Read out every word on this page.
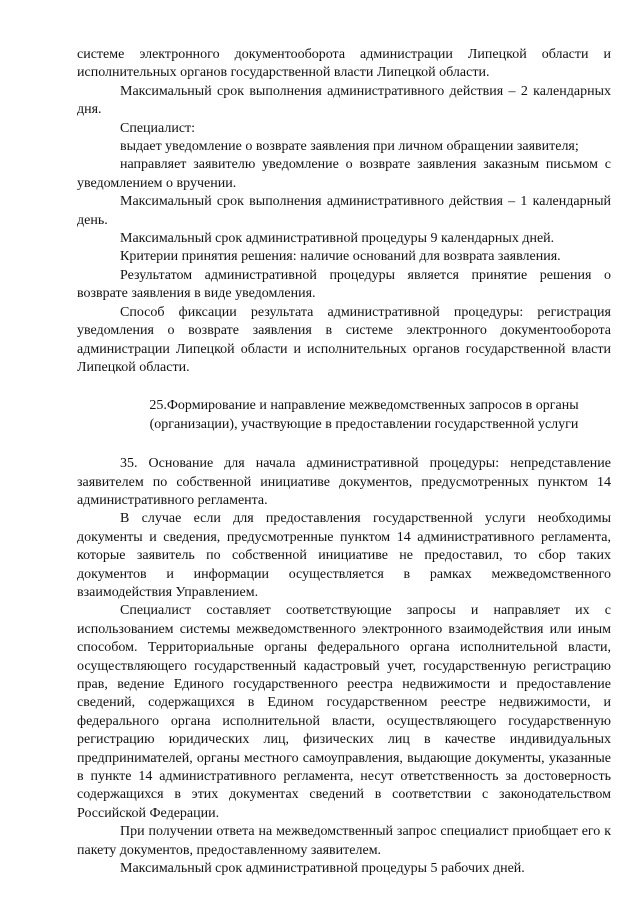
системе электронного документооборота администрации Липецкой области и исполнительных органов государственной власти Липецкой области.

Максимальный срок выполнения административного действия – 2 календарных дня.

Специалист:

выдает уведомление о возврате заявления при личном обращении заявителя;

направляет заявителю уведомление о возврате заявления заказным письмом с уведомлением о вручении.

Максимальный срок выполнения административного действия – 1 календарный день.

Максимальный срок административной процедуры 9 календарных дней.

Критерии принятия решения: наличие оснований для возврата заявления.

Результатом административной процедуры является принятие решения о возврате заявления в виде уведомления.

Способ фиксации результата административной процедуры: регистрация уведомления о возврате заявления в системе электронного документооборота администрации Липецкой области и исполнительных органов государственной власти Липецкой области.

25.Формирование и направление межведомственных запросов в органы (организации), участвующие в предоставлении государственной услуги

35. Основание для начала административной процедуры: непредставление заявителем по собственной инициативе документов, предусмотренных пунктом 14 административного регламента.

В случае если для предоставления государственной услуги необходимы документы и сведения, предусмотренные пунктом 14 административного регламента, которые заявитель по собственной инициативе не предоставил, то сбор таких документов и информации осуществляется в рамках межведомственного взаимодействия Управлением.

Специалист составляет соответствующие запросы и направляет их с использованием системы межведомственного электронного взаимодействия или иным способом. Территориальные органы федерального органа исполнительной власти, осуществляющего государственный кадастровый учет, государственную регистрацию прав, ведение Единого государственного реестра недвижимости и предоставление сведений, содержащихся в Едином государственном реестре недвижимости, и федерального органа исполнительной власти, осуществляющего государственную регистрацию юридических лиц, физических лиц в качестве индивидуальных предпринимателей, органы местного самоуправления, выдающие документы, указанные в пункте 14 административного регламента, несут ответственность за достоверность содержащихся в этих документах сведений в соответствии с законодательством Российской Федерации.

При получении ответа на межведомственный запрос специалист приобщает его к пакету документов, предоставленному заявителем.

Максимальный срок административной процедуры 5 рабочих дней.
